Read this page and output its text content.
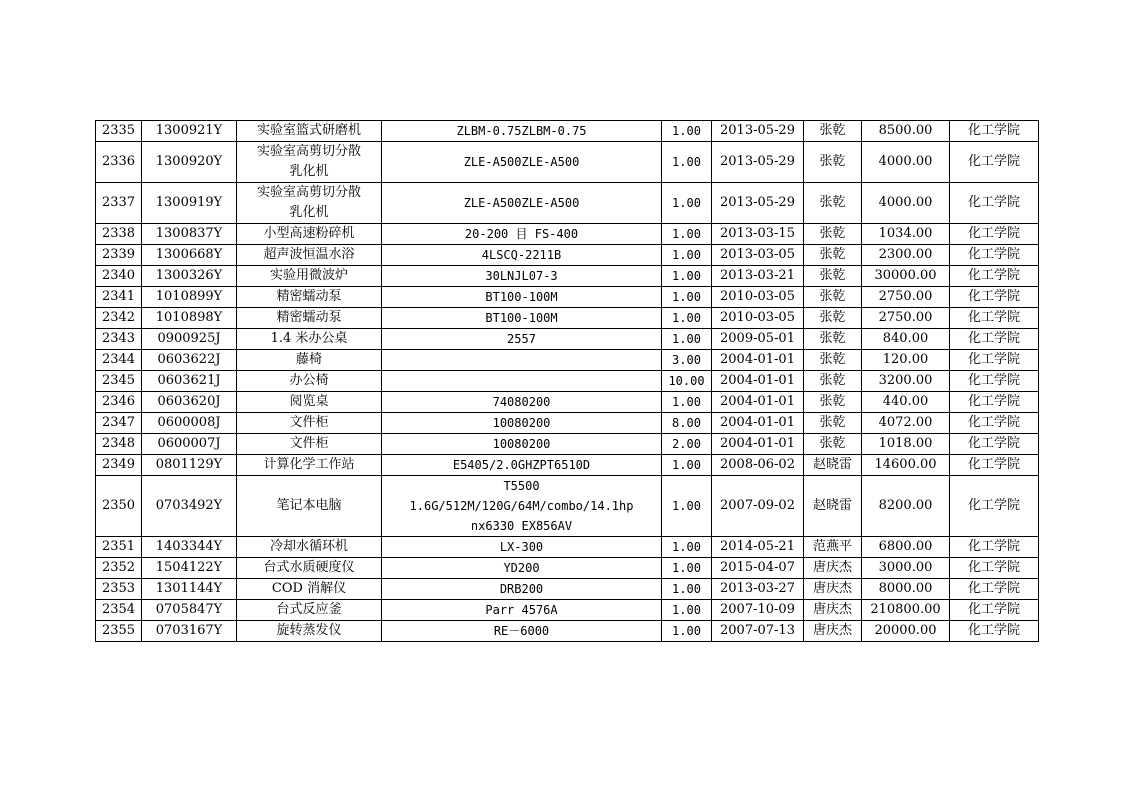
2335	1300921Y	实验室篮式研磨机	ZLBM-0.75ZLBM-0.75	1.00	2013-05-29	张乾	8500.00	化工学院
2336	1300920Y	实验室高剪切分散
乳化机	ZLE-A500ZLE-A500	1.00	2013-05-29	张乾	4000.00	化工学院
2337	1300919Y	实验室高剪切分散
乳化机	ZLE-A500ZLE-A500	1.00	2013-05-29	张乾	4000.00	化工学院
2338	1300837Y	小型高速粉碎机	20-200 目 FS-400	1.00	2013-03-15	张乾	1034.00	化工学院
2339	1300668Y	超声波恒温水浴	4LSCQ-2211B	1.00	2013-03-05	张乾	2300.00	化工学院
2340	1300326Y	实验用微波炉	30LNJL07-3	1.00	2013-03-21	张乾	30000.00	化工学院
2341	1010899Y	精密蠕动泵	BT100-100M	1.00	2010-03-05	张乾	2750.00	化工学院
2342	1010898Y	精密蠕动泵	BT100-100M	1.00	2010-03-05	张乾	2750.00	化工学院
2343	0900925J	1.4 米办公桌	2557	1.00	2009-05-01	张乾	840.00	化工学院
2344	0603622J	藤椅		3.00	2004-01-01	张乾	120.00	化工学院
2345	0603621J	办公椅		10.00	2004-01-01	张乾	3200.00	化工学院
2346	0603620J	阅览桌	74080200	1.00	2004-01-01	张乾	440.00	化工学院
2347	0600008J	文件柜	10080200	8.00	2004-01-01	张乾	4072.00	化工学院
2348	0600007J	文件柜	10080200	2.00	2004-01-01	张乾	1018.00	化工学院
2349	0801129Y	计算化学工作站	E5405/2.0GHZPT6510D	1.00	2008-06-02	赵晓雷	14600.00	化工学院
2350	0703492Y	笔记本电脑	T5500
1.6G/512M/120G/64M/combo/14.1hp
nx6330 EX856AV	1.00	2007-09-02	赵晓雷	8200.00	化工学院
2351	1403344Y	冷却水循环机	LX-300	1.00	2014-05-21	范燕平	6800.00	化工学院
2352	1504122Y	台式水质硬度仪	YD200	1.00	2015-04-07	唐庆杰	3000.00	化工学院
2353	1301144Y	COD 消解仪	DRB200	1.00	2013-03-27	唐庆杰	8000.00	化工学院
2354	0705847Y	台式反应釜	Parr 4576A	1.00	2007-10-09	唐庆杰	210800.00	化工学院
2355	0703167Y	旋转蒸发仪	RE－6000	1.00	2007-07-13	唐庆杰	20000.00	化工学院
